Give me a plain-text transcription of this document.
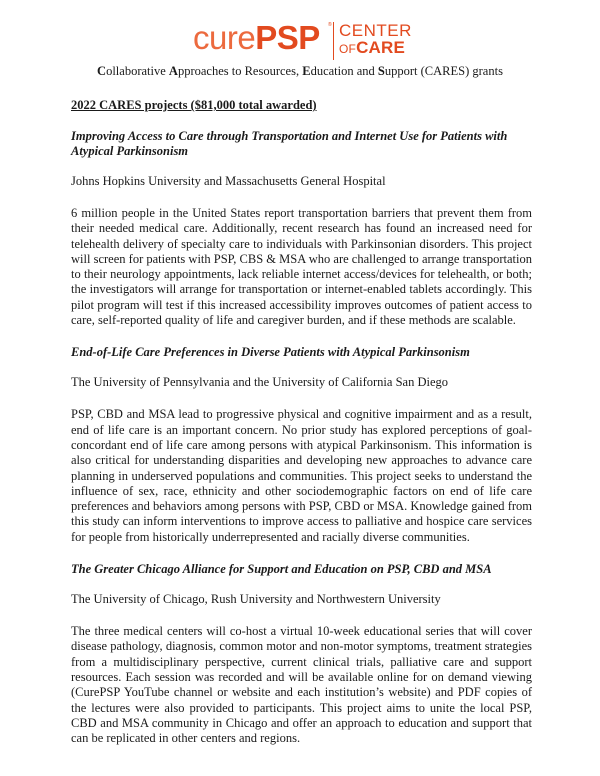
curePSP ® CENTER
OFCARE
Collaborative Approaches to Resources, Education and Support (CARES) grants
2022 CARES projects ($81,000 total awarded)
Improving Access to Care through Transportation and Internet Use for Patients with Atypical Parkinsonism
Johns Hopkins University and Massachusetts General Hospital
6 million people in the United States report transportation barriers that prevent them from their needed medical care. Additionally, recent research has found an increased need for telehealth delivery of specialty care to individuals with Parkinsonian disorders. This project will screen for patients with PSP, CBS & MSA who are challenged to arrange transportation to their neurology appointments, lack reliable internet access/devices for telehealth, or both; the investigators will arrange for transportation or internet-enabled tablets accordingly. This pilot program will test if this increased accessibility improves outcomes of patient access to care, self-reported quality of life and caregiver burden, and if these methods are scalable.
End-of-Life Care Preferences in Diverse Patients with Atypical Parkinsonism
The University of Pennsylvania and the University of California San Diego
PSP, CBD and MSA lead to progressive physical and cognitive impairment and as a result, end of life care is an important concern. No prior study has explored perceptions of goal-concordant end of life care among persons with atypical Parkinsonism. This information is also critical for understanding disparities and developing new approaches to advance care planning in underserved populations and communities. This project seeks to understand the influence of sex, race, ethnicity and other sociodemographic factors on end of life care preferences and behaviors among persons with PSP, CBD or MSA. Knowledge gained from this study can inform interventions to improve access to palliative and hospice care services for people from historically underrepresented and racially diverse communities.
The Greater Chicago Alliance for Support and Education on PSP, CBD and MSA
The University of Chicago, Rush University and Northwestern University
The three medical centers will co-host a virtual 10-week educational series that will cover disease pathology, diagnosis, common motor and non-motor symptoms, treatment strategies from a multidisciplinary perspective, current clinical trials, palliative care and support resources. Each session was recorded and will be available online for on demand viewing (CurePSP YouTube channel or website and each institution’s website) and PDF copies of the lectures were also provided to participants. This project aims to unite the local PSP, CBD and MSA community in Chicago and offer an approach to education and support that can be replicated in other centers and regions.
